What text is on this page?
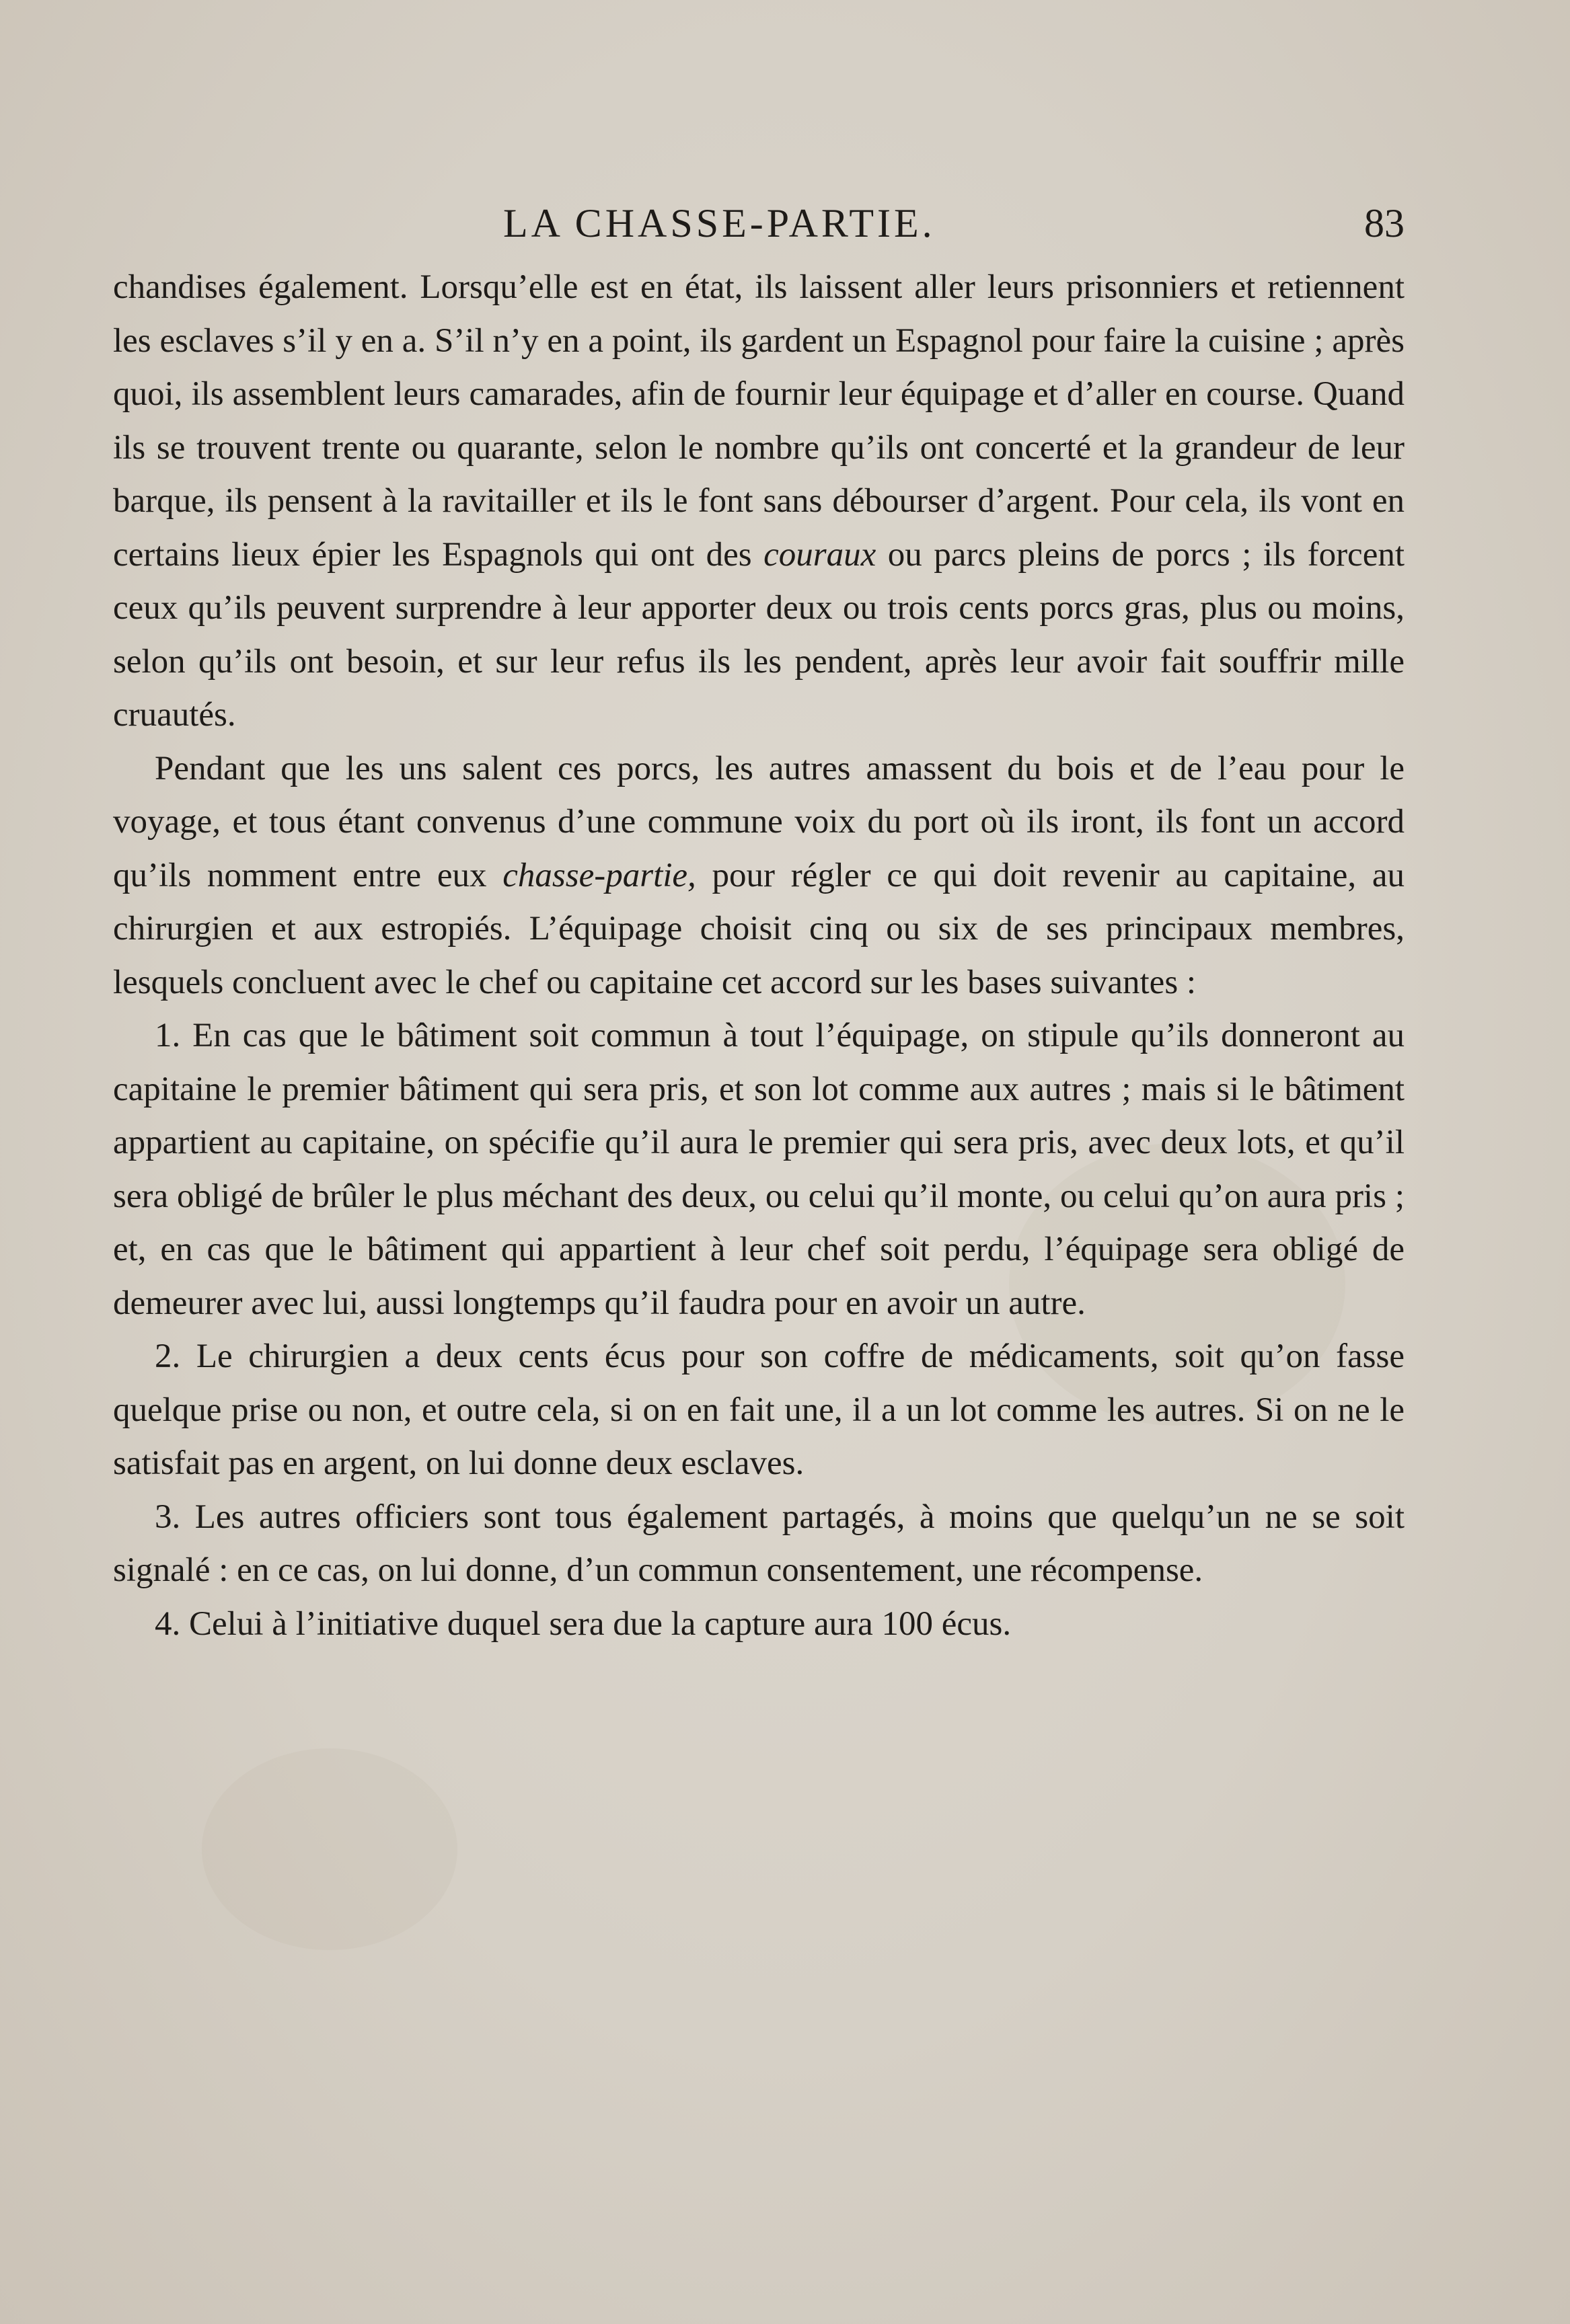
LA CHASSE-PARTIE.	83

chandises également. Lorsqu’elle est en état, ils laissent aller leurs prisonniers et retiennent les esclaves s’il y en a. S’il n’y en a point, ils gardent un Espagnol pour faire la cuisine ; après quoi, ils assemblent leurs camarades, afin de fournir leur équipage et d’aller en course. Quand ils se trouvent trente ou quarante, selon le nombre qu’ils ont concerté et la grandeur de leur barque, ils pensent à la ravitailler et ils le font sans débourser d’argent. Pour cela, ils vont en certains lieux épier les Espagnols qui ont des couraux ou parcs pleins de porcs ; ils forcent ceux qu’ils peuvent surprendre à leur apporter deux ou trois cents porcs gras, plus ou moins, selon qu’ils ont besoin, et sur leur refus ils les pendent, après leur avoir fait souffrir mille cruautés.

Pendant que les uns salent ces porcs, les autres amassent du bois et de l’eau pour le voyage, et tous étant convenus d’une commune voix du port où ils iront, ils font un accord qu’ils nomment entre eux chasse-partie, pour régler ce qui doit revenir au capitaine, au chirurgien et aux estropiés. L’équipage choisit cinq ou six de ses principaux membres, lesquels concluent avec le chef ou capitaine cet accord sur les bases suivantes :

1. En cas que le bâtiment soit commun à tout l’équipage, on stipule qu’ils donneront au capitaine le premier bâtiment qui sera pris, et son lot comme aux autres ; mais si le bâtiment appartient au capitaine, on spécifie qu’il aura le premier qui sera pris, avec deux lots, et qu’il sera obligé de brûler le plus méchant des deux, ou celui qu’il monte, ou celui qu’on aura pris ; et, en cas que le bâtiment qui appartient à leur chef soit perdu, l’équipage sera obligé de demeurer avec lui, aussi longtemps qu’il faudra pour en avoir un autre.

2. Le chirurgien a deux cents écus pour son coffre de médicaments, soit qu’on fasse quelque prise ou non, et outre cela, si on en fait une, il a un lot comme les autres. Si on ne le satisfait pas en argent, on lui donne deux esclaves.

3. Les autres officiers sont tous également partagés, à moins que quelqu’un ne se soit signalé : en ce cas, on lui donne, d’un commun consentement, une récompense.

4. Celui à l’initiative duquel sera due la capture aura 100 écus.
